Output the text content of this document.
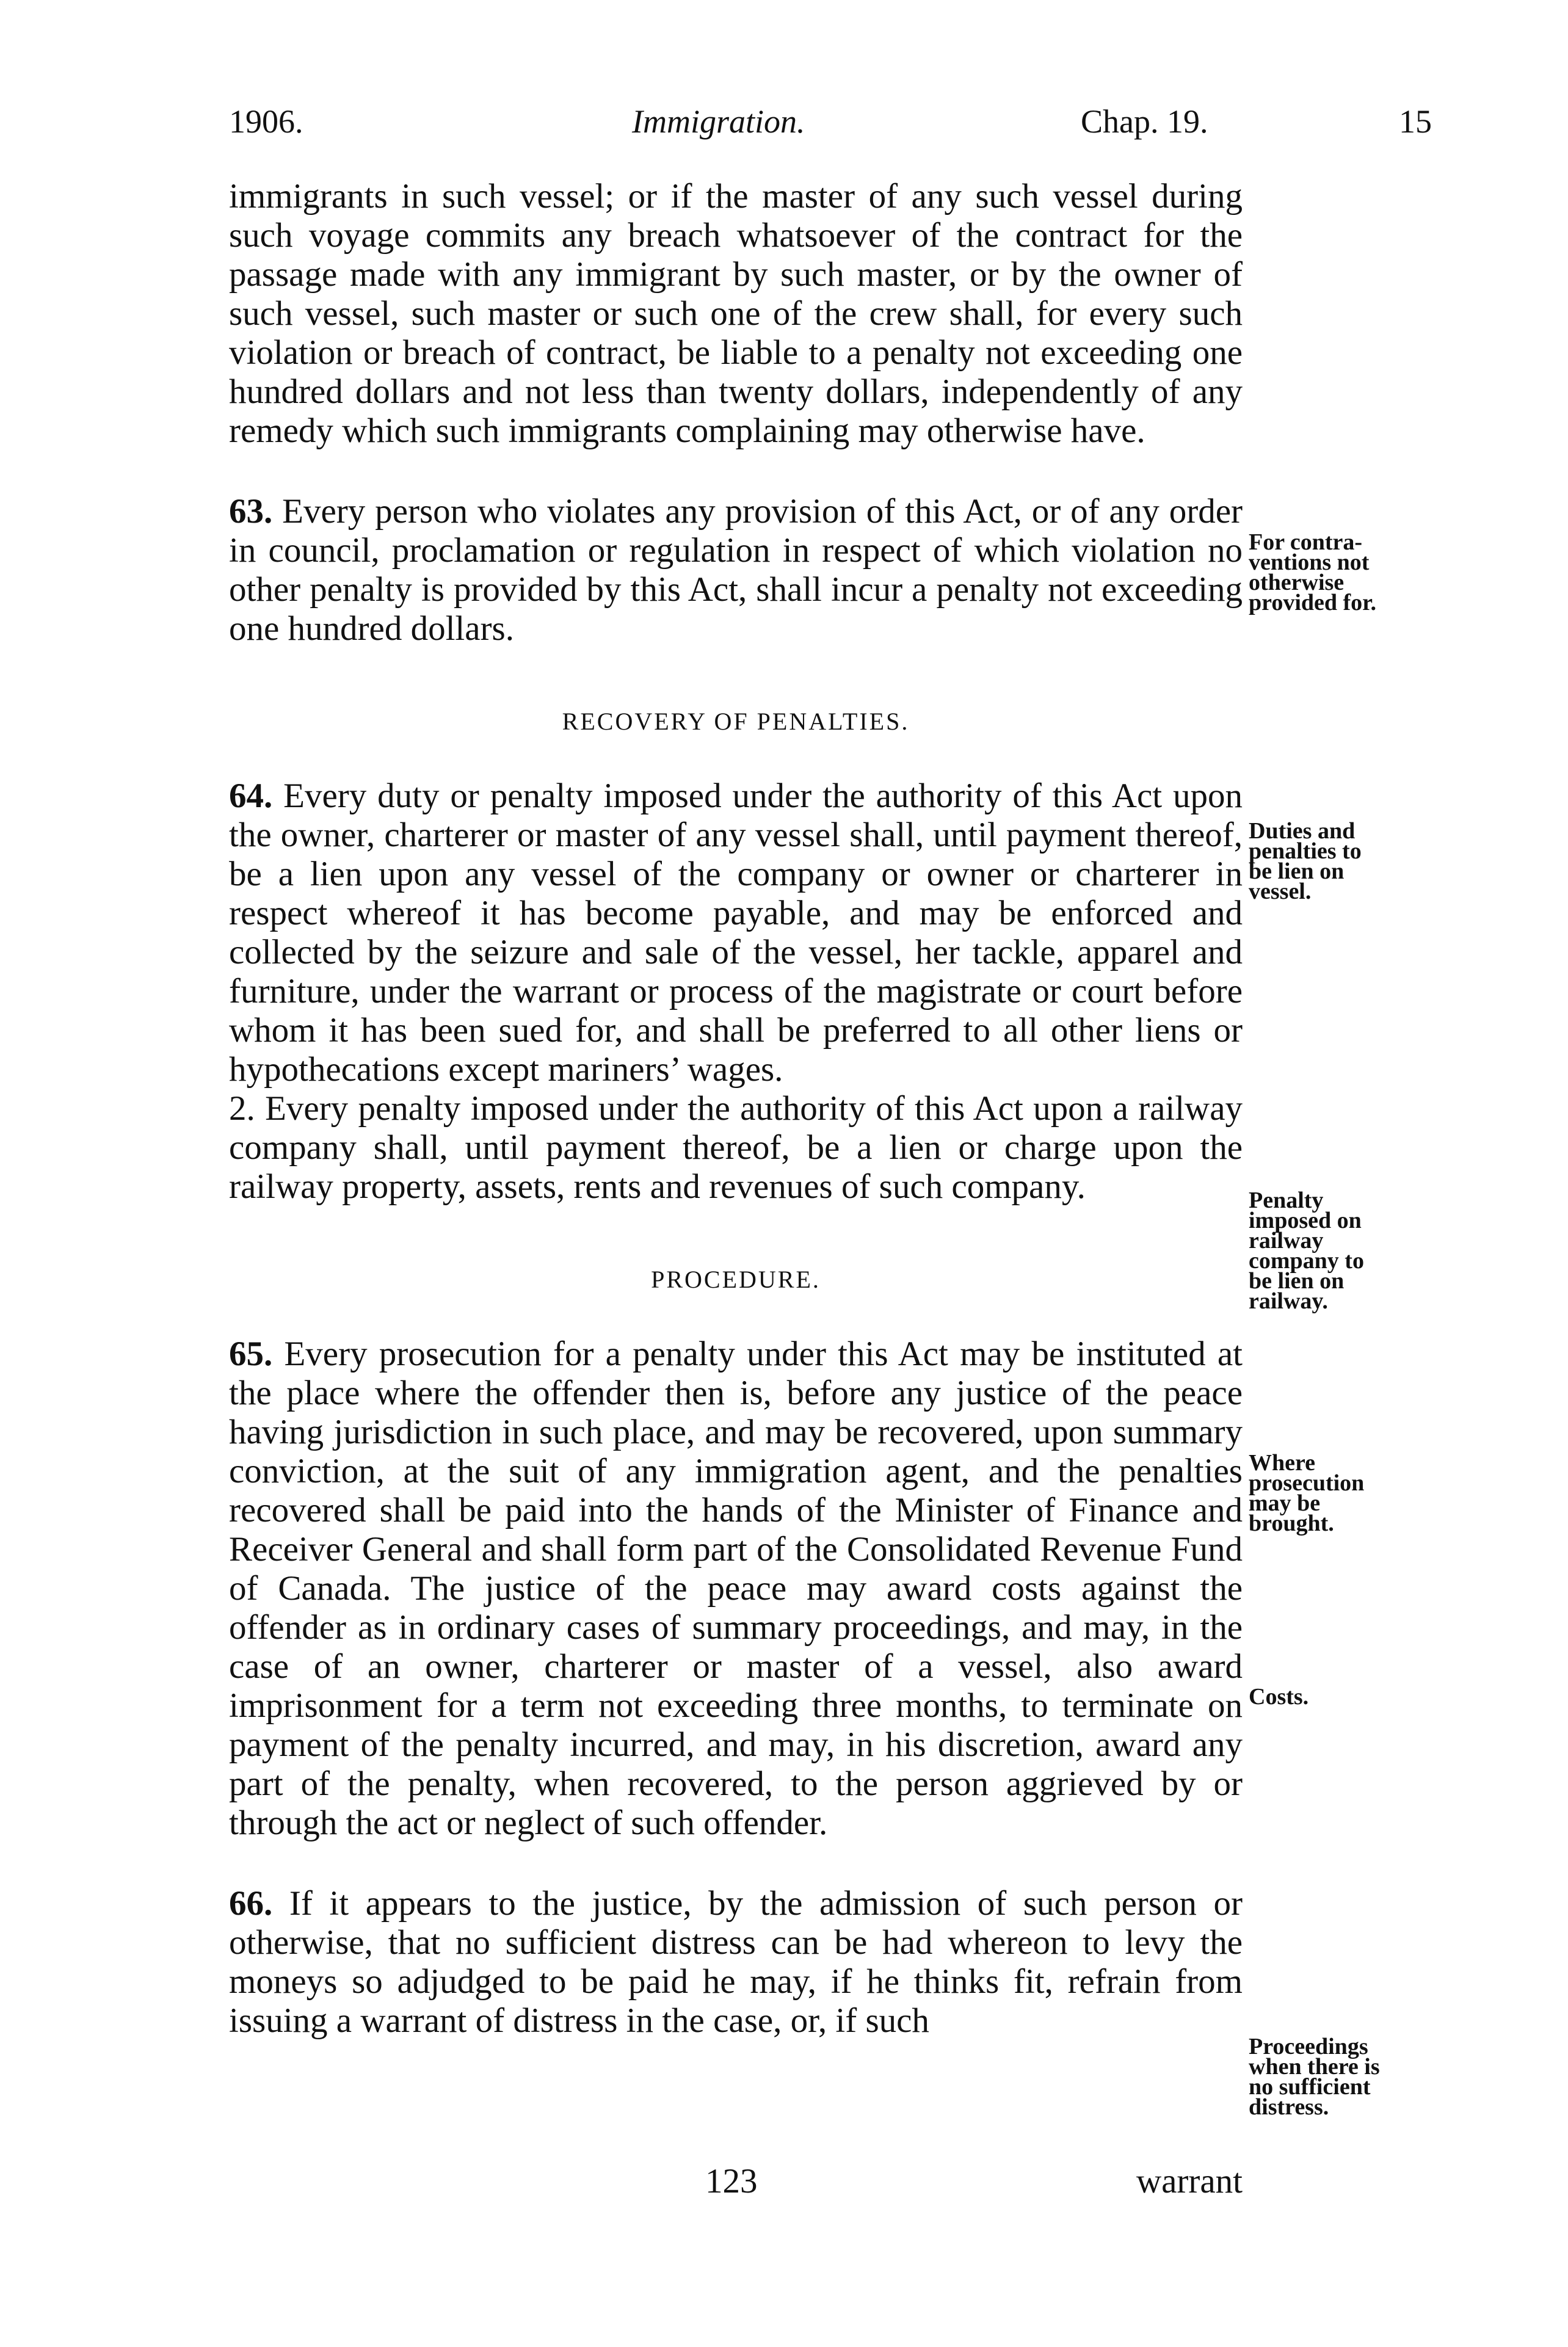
1906.	Immigration.	Chap. 19.	15

immigrants in such vessel; or if the master of any such vessel during such voyage commits any breach whatsoever of the contract for the passage made with any immigrant by such master, or by the owner of such vessel, such master or such one of the crew shall, for every such violation or breach of contract, be liable to a penalty not exceeding one hundred dollars and not less than twenty dollars, independently of any remedy which such immigrants complaining may otherwise have.

63. Every person who violates any provision of this Act, or of any order in council, proclamation or regulation in respect of which violation no other penalty is provided by this Act, shall incur a penalty not exceeding one hundred dollars.

RECOVERY OF PENALTIES.

64. Every duty or penalty imposed under the authority of this Act upon the owner, charterer or master of any vessel shall, until payment thereof, be a lien upon any vessel of the company or owner or charterer in respect whereof it has become payable, and may be enforced and collected by the seizure and sale of the vessel, her tackle, apparel and furniture, under the warrant or process of the magistrate or court before whom it has been sued for, and shall be preferred to all other liens or hypothecations except mariners’ wages.

2. Every penalty imposed under the authority of this Act upon a railway company shall, until payment thereof, be a lien or charge upon the railway property, assets, rents and revenues of such company.

PROCEDURE.

65. Every prosecution for a penalty under this Act may be instituted at the place where the offender then is, before any justice of the peace having jurisdiction in such place, and may be recovered, upon summary conviction, at the suit of any immigration agent, and the penalties recovered shall be paid into the hands of the Minister of Finance and Receiver General and shall form part of the Consolidated Revenue Fund of Canada. The justice of the peace may award costs against the offender as in ordinary cases of summary proceedings, and may, in the case of an owner, charterer or master of a vessel, also award imprisonment for a term not exceeding three months, to terminate on payment of the penalty incurred, and may, in his discretion, award any part of the penalty, when recovered, to the person aggrieved by or through the act or neglect of such offender.

66. If it appears to the justice, by the admission of such person or otherwise, that no sufficient distress can be had whereon to levy the moneys so adjudged to be paid he may, if he thinks fit, refrain from issuing a warrant of distress in the case, or, if such

For contra-
ventions not
otherwise
provided for.
Duties and
penalties to
be lien on
vessel.
Penalty
imposed on
railway
company to
be lien on
railway.
Where
prosecution
may be
brought.
Costs.
Proceedings
when there is
no sufficient
distress.
123	warrant
